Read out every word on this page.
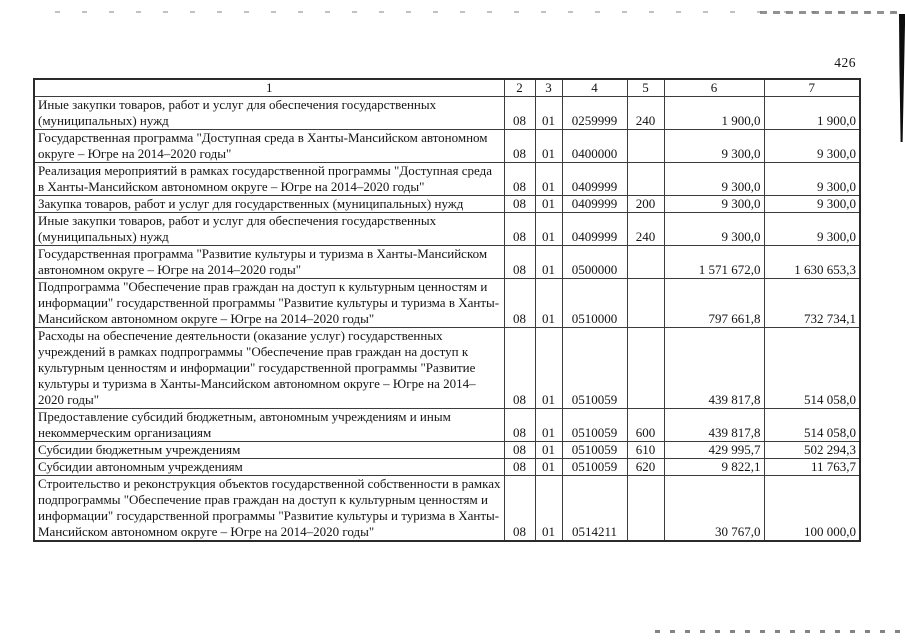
426
1	2	3	4	5	6	7
Иные закупки товаров, работ и услуг для обеспечения государственных (муниципальных) нужд	08	01	0259999	240	1 900,0	1 900,0
Государственная программа "Доступная среда в Ханты-Мансийском автономном округе – Югре на 2014–2020 годы"	08	01	0400000		9 300,0	9 300,0
Реализация мероприятий в рамках государственной программы "Доступная среда в Ханты-Мансийском автономном округе – Югре на 2014–2020 годы"	08	01	0409999		9 300,0	9 300,0
Закупка товаров, работ и услуг для государственных (муниципальных) нужд	08	01	0409999	200	9 300,0	9 300,0
Иные закупки товаров, работ и услуг для обеспечения государственных (муниципальных) нужд	08	01	0409999	240	9 300,0	9 300,0
Государственная программа "Развитие культуры и туризма в Ханты-Мансийском автономном округе – Югре на 2014–2020 годы"	08	01	0500000		1 571 672,0	1 630 653,3
Подпрограмма "Обеспечение прав граждан на доступ к культурным ценностям и информации" государственной программы "Развитие культуры и туризма в Ханты-Мансийском автономном округе – Югре на 2014–2020 годы"	08	01	0510000		797 661,8	732 734,1
Расходы на обеспечение деятельности (оказание услуг) государственных учреждений в рамках подпрограммы "Обеспечение прав граждан на доступ к культурным ценностям и информации" государственной программы "Развитие культуры и туризма в Ханты-Мансийском автономном округе – Югре на 2014–2020 годы"	08	01	0510059		439 817,8	514 058,0
Предоставление субсидий бюджетным, автономным учреждениям и иным некоммерческим организациям	08	01	0510059	600	439 817,8	514 058,0
Субсидии бюджетным учреждениям	08	01	0510059	610	429 995,7	502 294,3
Субсидии автономным учреждениям	08	01	0510059	620	9 822,1	11 763,7
Строительство и реконструкция объектов государственной собственности в рамках подпрограммы "Обеспечение прав граждан на доступ к культурным ценностям и информации" государственной программы "Развитие культуры и туризма в Ханты-Мансийском автономном округе – Югре на 2014–2020 годы"	08	01	0514211		30 767,0	100 000,0
